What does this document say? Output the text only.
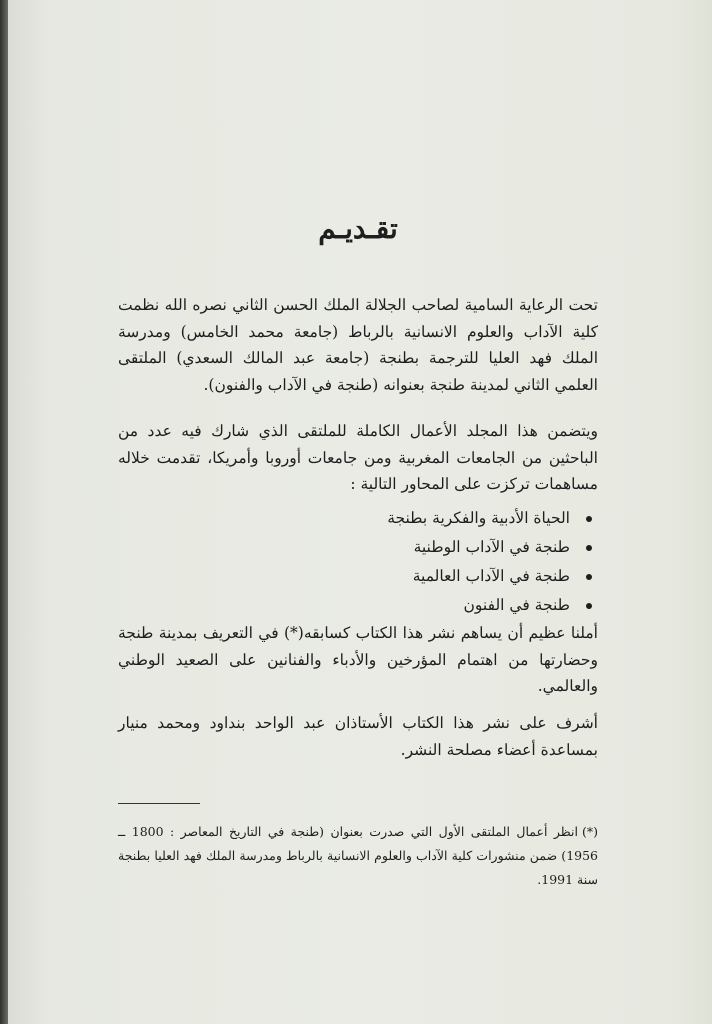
تقـديـم

تحت الرعاية السامية لصاحب الجلالة الملك الحسن الثاني نصره الله نظمت كلية الآداب والعلوم الانسانية بالرباط (جامعة محمد الخامس) ومدرسة الملك فهد العليا للترجمة بطنجة (جامعة عبد المالك السعدي) الملتقى العلمي الثاني لمدينة طنجة بعنوانه (طنجة في الآداب والفنون).

ويتضمن هذا المجلد الأعمال الكاملة للملتقى الذي شارك فيه عدد من الباحثين من الجامعات المغربية ومن جامعات أوروبا وأمريكا، تقدمت خلاله مساهمات تركزت على المحاور التالية :

الحياة الأدبية والفكرية بطنجة
طنجة في الآداب الوطنية
طنجة في الآداب العالمية
طنجة في الفنون

أملنا عظيم أن يساهم نشر هذا الكتاب كسابقه(*) في التعريف بمدينة طنجة وحضارتها من اهتمام المؤرخين والأدباء والفنانين على الصعيد الوطني والعالمي.

أشرف على نشر هذا الكتاب الأستاذان عبد الواحد بنداود ومحمد منيار بمساعدة أعضاء مصلحة النشر.

(*)انظر أعمال الملتقى الأول التي صدرت بعنوان (طنجة في التاريخ المعاصر : 1800 ــ 1956) ضمن منشورات كلية الآداب والعلوم الانسانية بالرباط ومدرسة الملك فهد العليا بطنجة سنة 1991.
